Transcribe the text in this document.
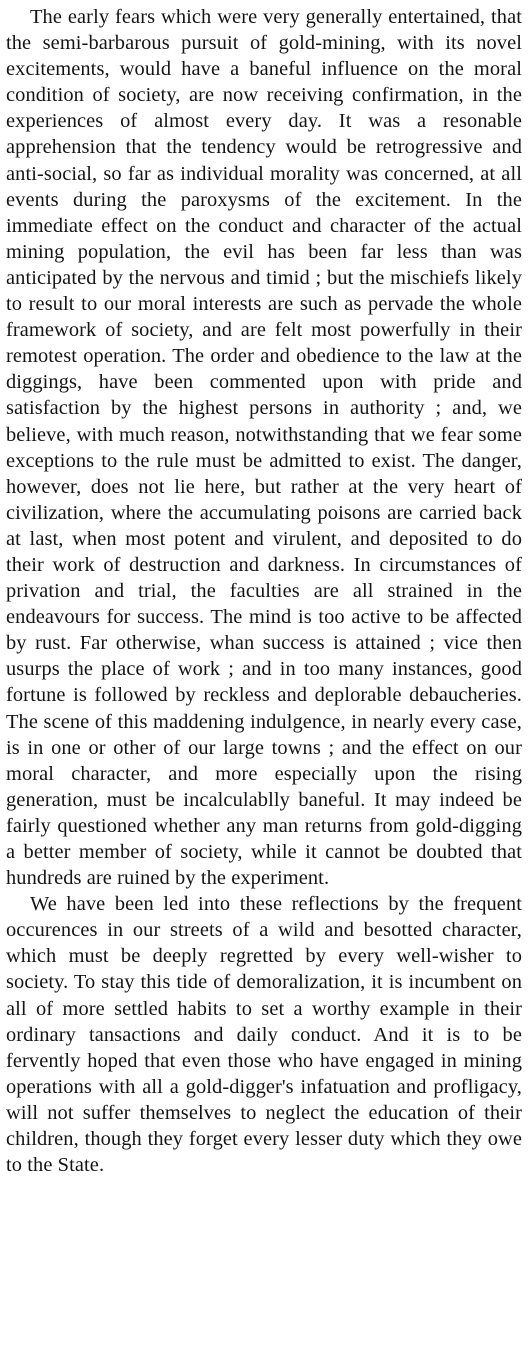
The early fears which were very generally entertained, that the semi-barbarous pursuit of gold-mining, with its novel excitements, would have a baneful influence on the moral condition of society, are now receiving confirmation, in the experiences of almost every day. It was a resonable apprehension that the tendency would be retrogressive and anti-social, so far as individual morality was concerned, at all events during the paroxysms of the excitement. In the immediate effect on the conduct and character of the actual mining population, the evil has been far less than was anticipated by the nervous and timid ; but the mischiefs likely to result to our moral interests are such as pervade the whole framework of society, and are felt most powerfully in their remotest operation. The order and obedience to the law at the diggings, have been commented upon with pride and satisfaction by the highest persons in authority ; and, we believe, with much reason, notwithstanding that we fear some exceptions to the rule must be admitted to exist. The danger, however, does not lie here, but rather at the very heart of civilization, where the accumulating poisons are carried back at last, when most potent and virulent, and deposited to do their work of destruction and darkness. In circumstances of privation and trial, the faculties are all strained in the endeavours for success. The mind is too active to be affected by rust. Far otherwise, whan success is attained ; vice then usurps the place of work ; and in too many instances, good fortune is followed by reckless and deplorable debaucheries. The scene of this maddening indulgence, in nearly every case, is in one or other of our large towns ; and the effect on our moral character, and more especially upon the rising generation, must be incalculablly baneful. It may indeed be fairly questioned whether any man returns from gold-digging a better member of society, while it cannot be doubted that hundreds are ruined by the experiment.

We have been led into these reflections by the frequent occurences in our streets of a wild and besotted character, which must be deeply regretted by every well-wisher to society. To stay this tide of demoralization, it is incumbent on all of more settled habits to set a worthy example in their ordinary tansactions and daily conduct. And it is to be fervently hoped that even those who have engaged in mining operations with all a gold-digger's infatuation and profligacy, will not suffer themselves to neglect the education of their children, though they forget every lesser duty which they owe to the State.
